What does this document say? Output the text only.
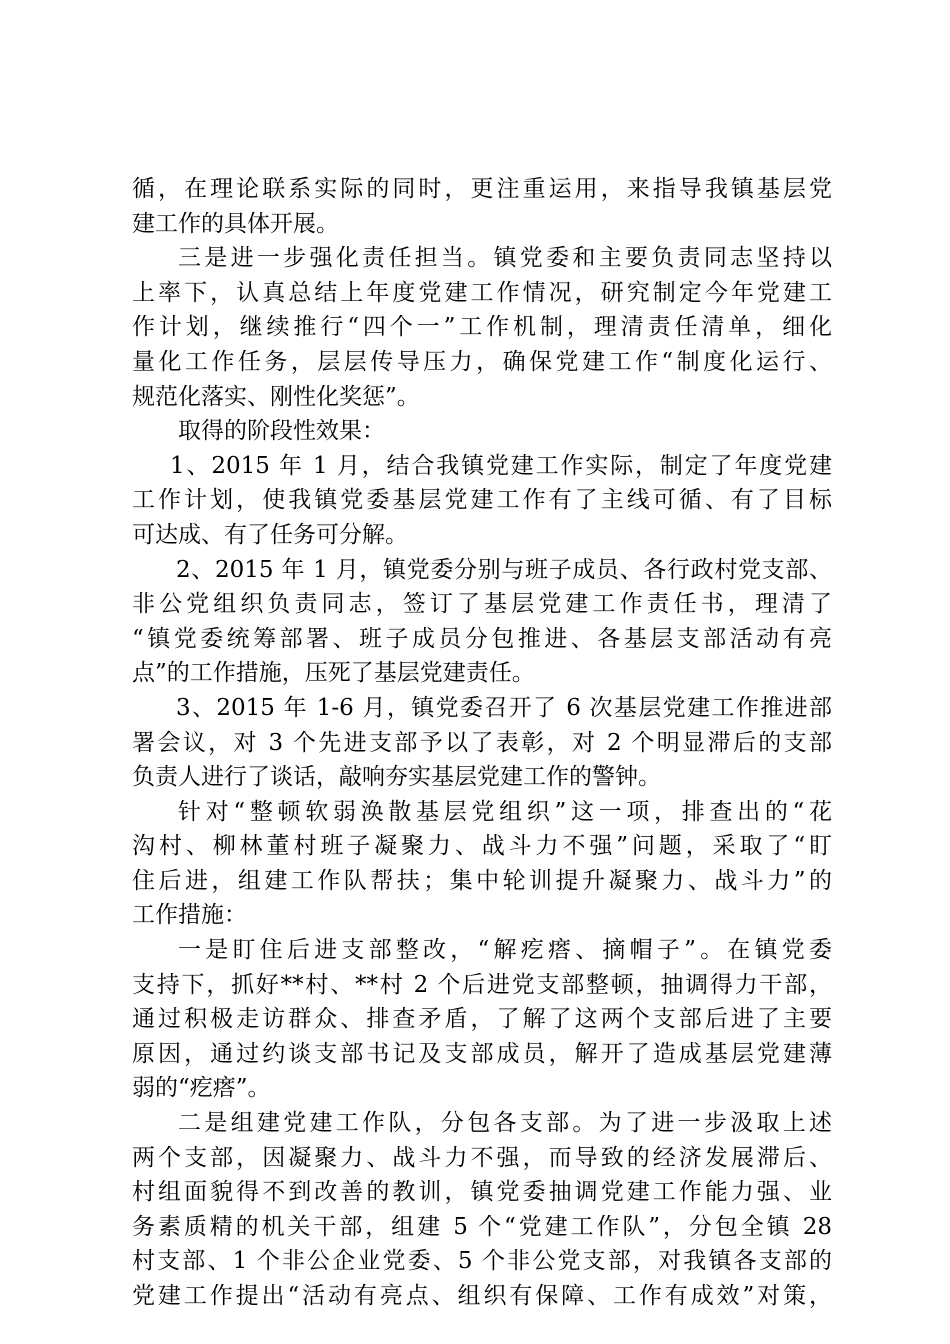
循，在理论联系实际的同时，更注重运用，来指导我镇基层党
建工作的具体开展。
三是进一步强化责任担当。镇党委和主要负责同志坚持以
上率下，认真总结上年度党建工作情况，研究制定今年党建工
作计划，继续推行“四个一”工作机制，理清责任清单，细化
量化工作任务，层层传导压力，确保党建工作“制度化运行、
规范化落实、刚性化奖惩”。
取得的阶段性效果：
1、2015 年 1 月，结合我镇党建工作实际，制定了年度党建
工作计划，使我镇党委基层党建工作有了主线可循、有了目标
可达成、有了任务可分解。
2、2015 年 1 月，镇党委分别与班子成员、各行政村党支部、
非公党组织负责同志，签订了基层党建工作责任书，理清了
“镇党委统筹部署、班子成员分包推进、各基层支部活动有亮
点”的工作措施，压死了基层党建责任。
3、2015 年 1-6 月，镇党委召开了 6 次基层党建工作推进部
署会议，对 3 个先进支部予以了表彰，对 2 个明显滞后的支部
负责人进行了谈话，敲响夯实基层党建工作的警钟。
针对“整顿软弱涣散基层党组织”这一项，排查出的“花
沟村、柳林董村班子凝聚力、战斗力不强”问题，采取了“盯
住后进，组建工作队帮扶；集中轮训提升凝聚力、战斗力”的
工作措施：
一是盯住后进支部整改，“解疙瘩、摘帽子”。在镇党委
支持下，抓好**村、**村 2 个后进党支部整顿，抽调得力干部，
通过积极走访群众、排查矛盾，了解了这两个支部后进了主要
原因，通过约谈支部书记及支部成员，解开了造成基层党建薄
弱的“疙瘩”。
二是组建党建工作队，分包各支部。为了进一步汲取上述
两个支部，因凝聚力、战斗力不强，而导致的经济发展滞后、
村组面貌得不到改善的教训，镇党委抽调党建工作能力强、业
务素质精的机关干部，组建 5 个“党建工作队”，分包全镇 28
村支部、1 个非公企业党委、5 个非公党支部，对我镇各支部的
党建工作提出“活动有亮点、组织有保障、工作有成效”对策，
